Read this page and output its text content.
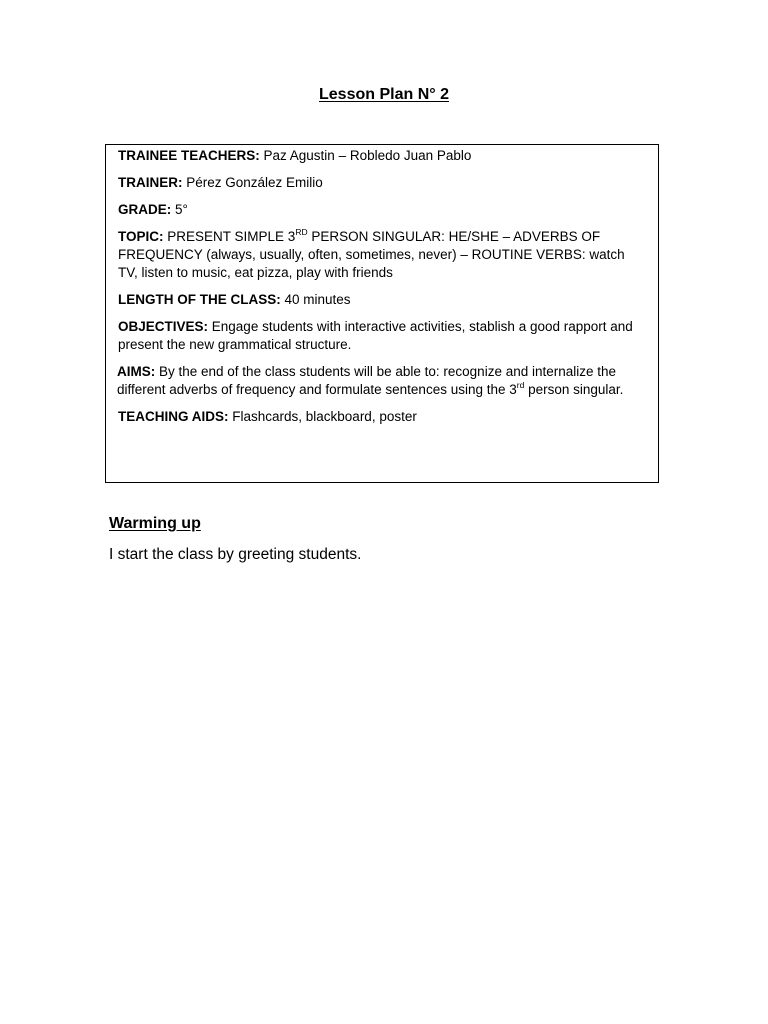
Lesson Plan N° 2
TRAINEE TEACHERS: Paz Agustin – Robledo Juan Pablo
TRAINER: Pérez González Emilio
GRADE: 5°
TOPIC: PRESENT SIMPLE 3RD PERSON SINGULAR: HE/SHE – ADVERBS OF FREQUENCY (always, usually, often, sometimes, never) – ROUTINE VERBS: watch TV, listen to music, eat pizza, play with friends
LENGTH OF THE CLASS: 40 minutes
OBJECTIVES: Engage students with interactive activities, stablish a good rapport and present the new grammatical structure.
AIMS: By the end of the class students will be able to: recognize and internalize the different adverbs of frequency and formulate sentences using the 3rd person singular.
TEACHING AIDS: Flashcards, blackboard, poster
Warming up
I start the class by greeting students.
